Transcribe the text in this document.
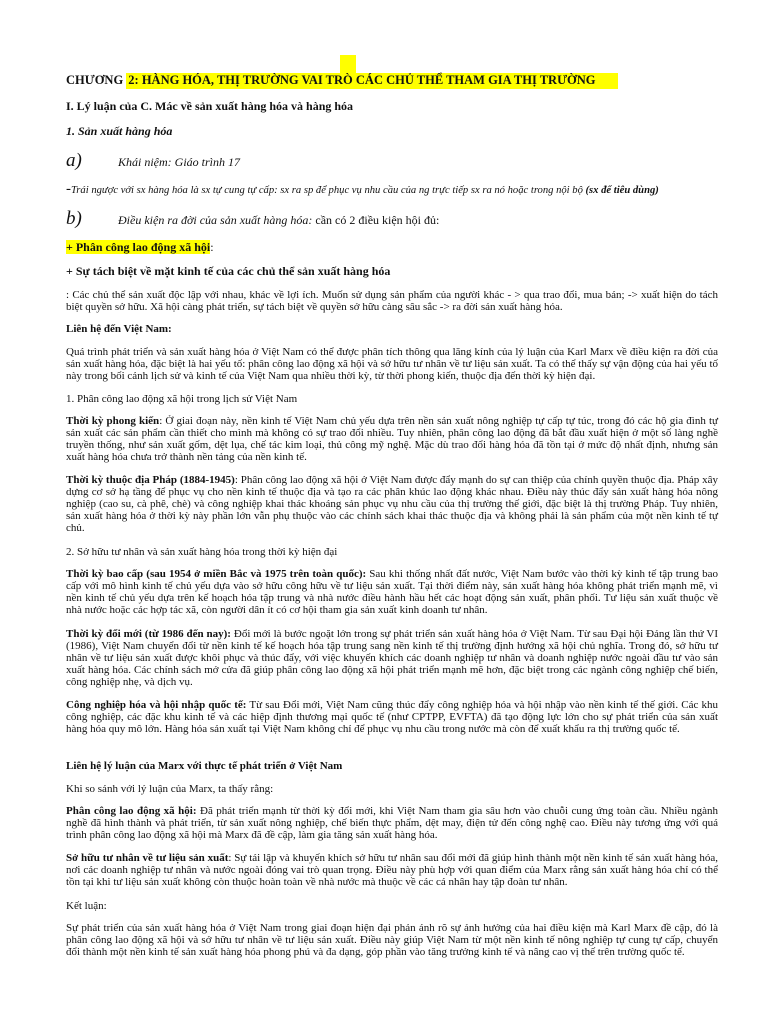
CHƯƠNG 2: HÀNG HÓA, THỊ TRƯỜNG VAI TRÒ CÁC CHỦ THỂ THAM GIA THỊ TRƯỜNG
I. Lý luận của C. Mác về sản xuất hàng hóa và hàng hóa
1. Sản xuất hàng hóa
a)	Khái niệm: Giáo trình 17
-Trái ngược với sx hàng hóa là sx tự cung tự cấp: sx ra sp để phục vụ nhu cầu của ng trực tiếp sx ra nó hoặc trong nội bộ (sx để tiêu dùng)
b)	Điều kiện ra đời của sản xuất hàng hóa: cần có 2 điều kiện hội đủ:
+ Phân công lao động xã hội:
+ Sự tách biệt về mặt kinh tế của các chủ thể sản xuất hàng hóa
: Các chủ thể sản xuất độc lập với nhau, khác về lợi ích. Muốn sử dụng sản phẩm của người khác - > qua trao đổi, mua bán; -> xuất hiện do tách biệt quyền sở hữu. Xã hội càng phát triển, sự tách biệt về quyền sở hữu càng sâu sắc -> ra đời sản xuất hàng hóa.
Liên hệ đến Việt Nam:
Quá trình phát triển và sản xuất hàng hóa ở Việt Nam có thể được phân tích thông qua lăng kính của lý luận của Karl Marx về điều kiện ra đời của sản xuất hàng hóa, đặc biệt là hai yếu tố: phân công lao động xã hội và sở hữu tư nhân về tư liệu sản xuất. Ta có thể thấy sự vận động của hai yếu tố này trong bối cảnh lịch sử và kinh tế của Việt Nam qua nhiều thời kỳ, từ thời phong kiến, thuộc địa đến thời kỳ hiện đại.
1. Phân công lao động xã hội trong lịch sử Việt Nam
Thời kỳ phong kiến: Ở giai đoạn này, nền kinh tế Việt Nam chủ yếu dựa trên nền sản xuất nông nghiệp tự cấp tự túc, trong đó các hộ gia đình tự sản xuất các sản phẩm cần thiết cho mình mà không có sự trao đổi nhiều. Tuy nhiên, phân công lao động đã bắt đầu xuất hiện ở một số làng nghề truyền thống, như sản xuất gốm, dệt lụa, chế tác kim loại, thủ công mỹ nghệ. Mặc dù trao đổi hàng hóa đã tồn tại ở mức độ nhất định, nhưng sản xuất hàng hóa chưa trở thành nền tảng của nền kinh tế.
Thời kỳ thuộc địa Pháp (1884-1945): Phân công lao động xã hội ở Việt Nam được đẩy mạnh do sự can thiệp của chính quyền thuộc địa. Pháp xây dựng cơ sở hạ tầng để phục vụ cho nền kinh tế thuộc địa và tạo ra các phân khúc lao động khác nhau. Điều này thúc đẩy sản xuất hàng hóa nông nghiệp (cao su, cà phê, chè) và công nghiệp khai thác khoáng sản phục vụ nhu cầu của thị trường thế giới, đặc biệt là thị trường Pháp. Tuy nhiên, sản xuất hàng hóa ở thời kỳ này phần lớn vẫn phụ thuộc vào các chính sách khai thác thuộc địa và không phải là sản phẩm của một nền kinh tế tự chủ.
2. Sở hữu tư nhân và sản xuất hàng hóa trong thời kỳ hiện đại
Thời kỳ bao cấp (sau 1954 ở miền Bắc và 1975 trên toàn quốc): Sau khi thống nhất đất nước, Việt Nam bước vào thời kỳ kinh tế tập trung bao cấp với mô hình kinh tế chủ yếu dựa vào sở hữu công hữu về tư liệu sản xuất. Tại thời điểm này, sản xuất hàng hóa không phát triển mạnh mẽ, vì nền kinh tế chủ yếu dựa trên kế hoạch hóa tập trung và nhà nước điều hành hầu hết các hoạt động sản xuất, phân phối. Tư liệu sản xuất thuộc về nhà nước hoặc các hợp tác xã, còn người dân ít có cơ hội tham gia sản xuất kinh doanh tư nhân.
Thời kỳ đổi mới (từ 1986 đến nay): Đổi mới là bước ngoặt lớn trong sự phát triển sản xuất hàng hóa ở Việt Nam. Từ sau Đại hội Đảng lần thứ VI (1986), Việt Nam chuyển đổi từ nền kinh tế kế hoạch hóa tập trung sang nền kinh tế thị trường định hướng xã hội chủ nghĩa. Trong đó, sở hữu tư nhân về tư liệu sản xuất được khôi phục và thúc đẩy, với việc khuyến khích các doanh nghiệp tư nhân và doanh nghiệp nước ngoài đầu tư vào sản xuất hàng hóa. Các chính sách mở cửa đã giúp phân công lao động xã hội phát triển mạnh mẽ hơn, đặc biệt trong các ngành công nghiệp chế biến, công nghiệp nhẹ, và dịch vụ.
Công nghiệp hóa và hội nhập quốc tế: Từ sau Đổi mới, Việt Nam cũng thúc đẩy công nghiệp hóa và hội nhập vào nền kinh tế thế giới. Các khu công nghiệp, các đặc khu kinh tế và các hiệp định thương mại quốc tế (như CPTPP, EVFTA) đã tạo động lực lớn cho sự phát triển của sản xuất hàng hóa quy mô lớn. Hàng hóa sản xuất tại Việt Nam không chỉ để phục vụ nhu cầu trong nước mà còn để xuất khẩu ra thị trường quốc tế.
Liên hệ lý luận của Marx với thực tế phát triển ở Việt Nam
Khi so sánh với lý luận của Marx, ta thấy rằng:
Phân công lao động xã hội: Đã phát triển mạnh từ thời kỳ đổi mới, khi Việt Nam tham gia sâu hơn vào chuỗi cung ứng toàn cầu. Nhiều ngành nghề đã hình thành và phát triển, từ sản xuất nông nghiệp, chế biến thực phẩm, dệt may, điện tử đến công nghệ cao. Điều này tương ứng với quá trình phân công lao động xã hội mà Marx đã đề cập, làm gia tăng sản xuất hàng hóa.
Sở hữu tư nhân về tư liệu sản xuất: Sự tái lập và khuyến khích sở hữu tư nhân sau đổi mới đã giúp hình thành một nền kinh tế sản xuất hàng hóa, nơi các doanh nghiệp tư nhân và nước ngoài đóng vai trò quan trọng. Điều này phù hợp với quan điểm của Marx rằng sản xuất hàng hóa chỉ có thể tồn tại khi tư liệu sản xuất không còn thuộc hoàn toàn về nhà nước mà thuộc về các cá nhân hay tập đoàn tư nhân.
Kết luận:
Sự phát triển của sản xuất hàng hóa ở Việt Nam trong giai đoạn hiện đại phản ánh rõ sự ảnh hưởng của hai điều kiện mà Karl Marx đề cập, đó là phân công lao động xã hội và sở hữu tư nhân về tư liệu sản xuất. Điều này giúp Việt Nam từ một nền kinh tế nông nghiệp tự cung tự cấp, chuyển đổi thành một nền kinh tế sản xuất hàng hóa phong phú và đa dạng, góp phần vào tăng trưởng kinh tế và nâng cao vị thế trên trường quốc tế.
